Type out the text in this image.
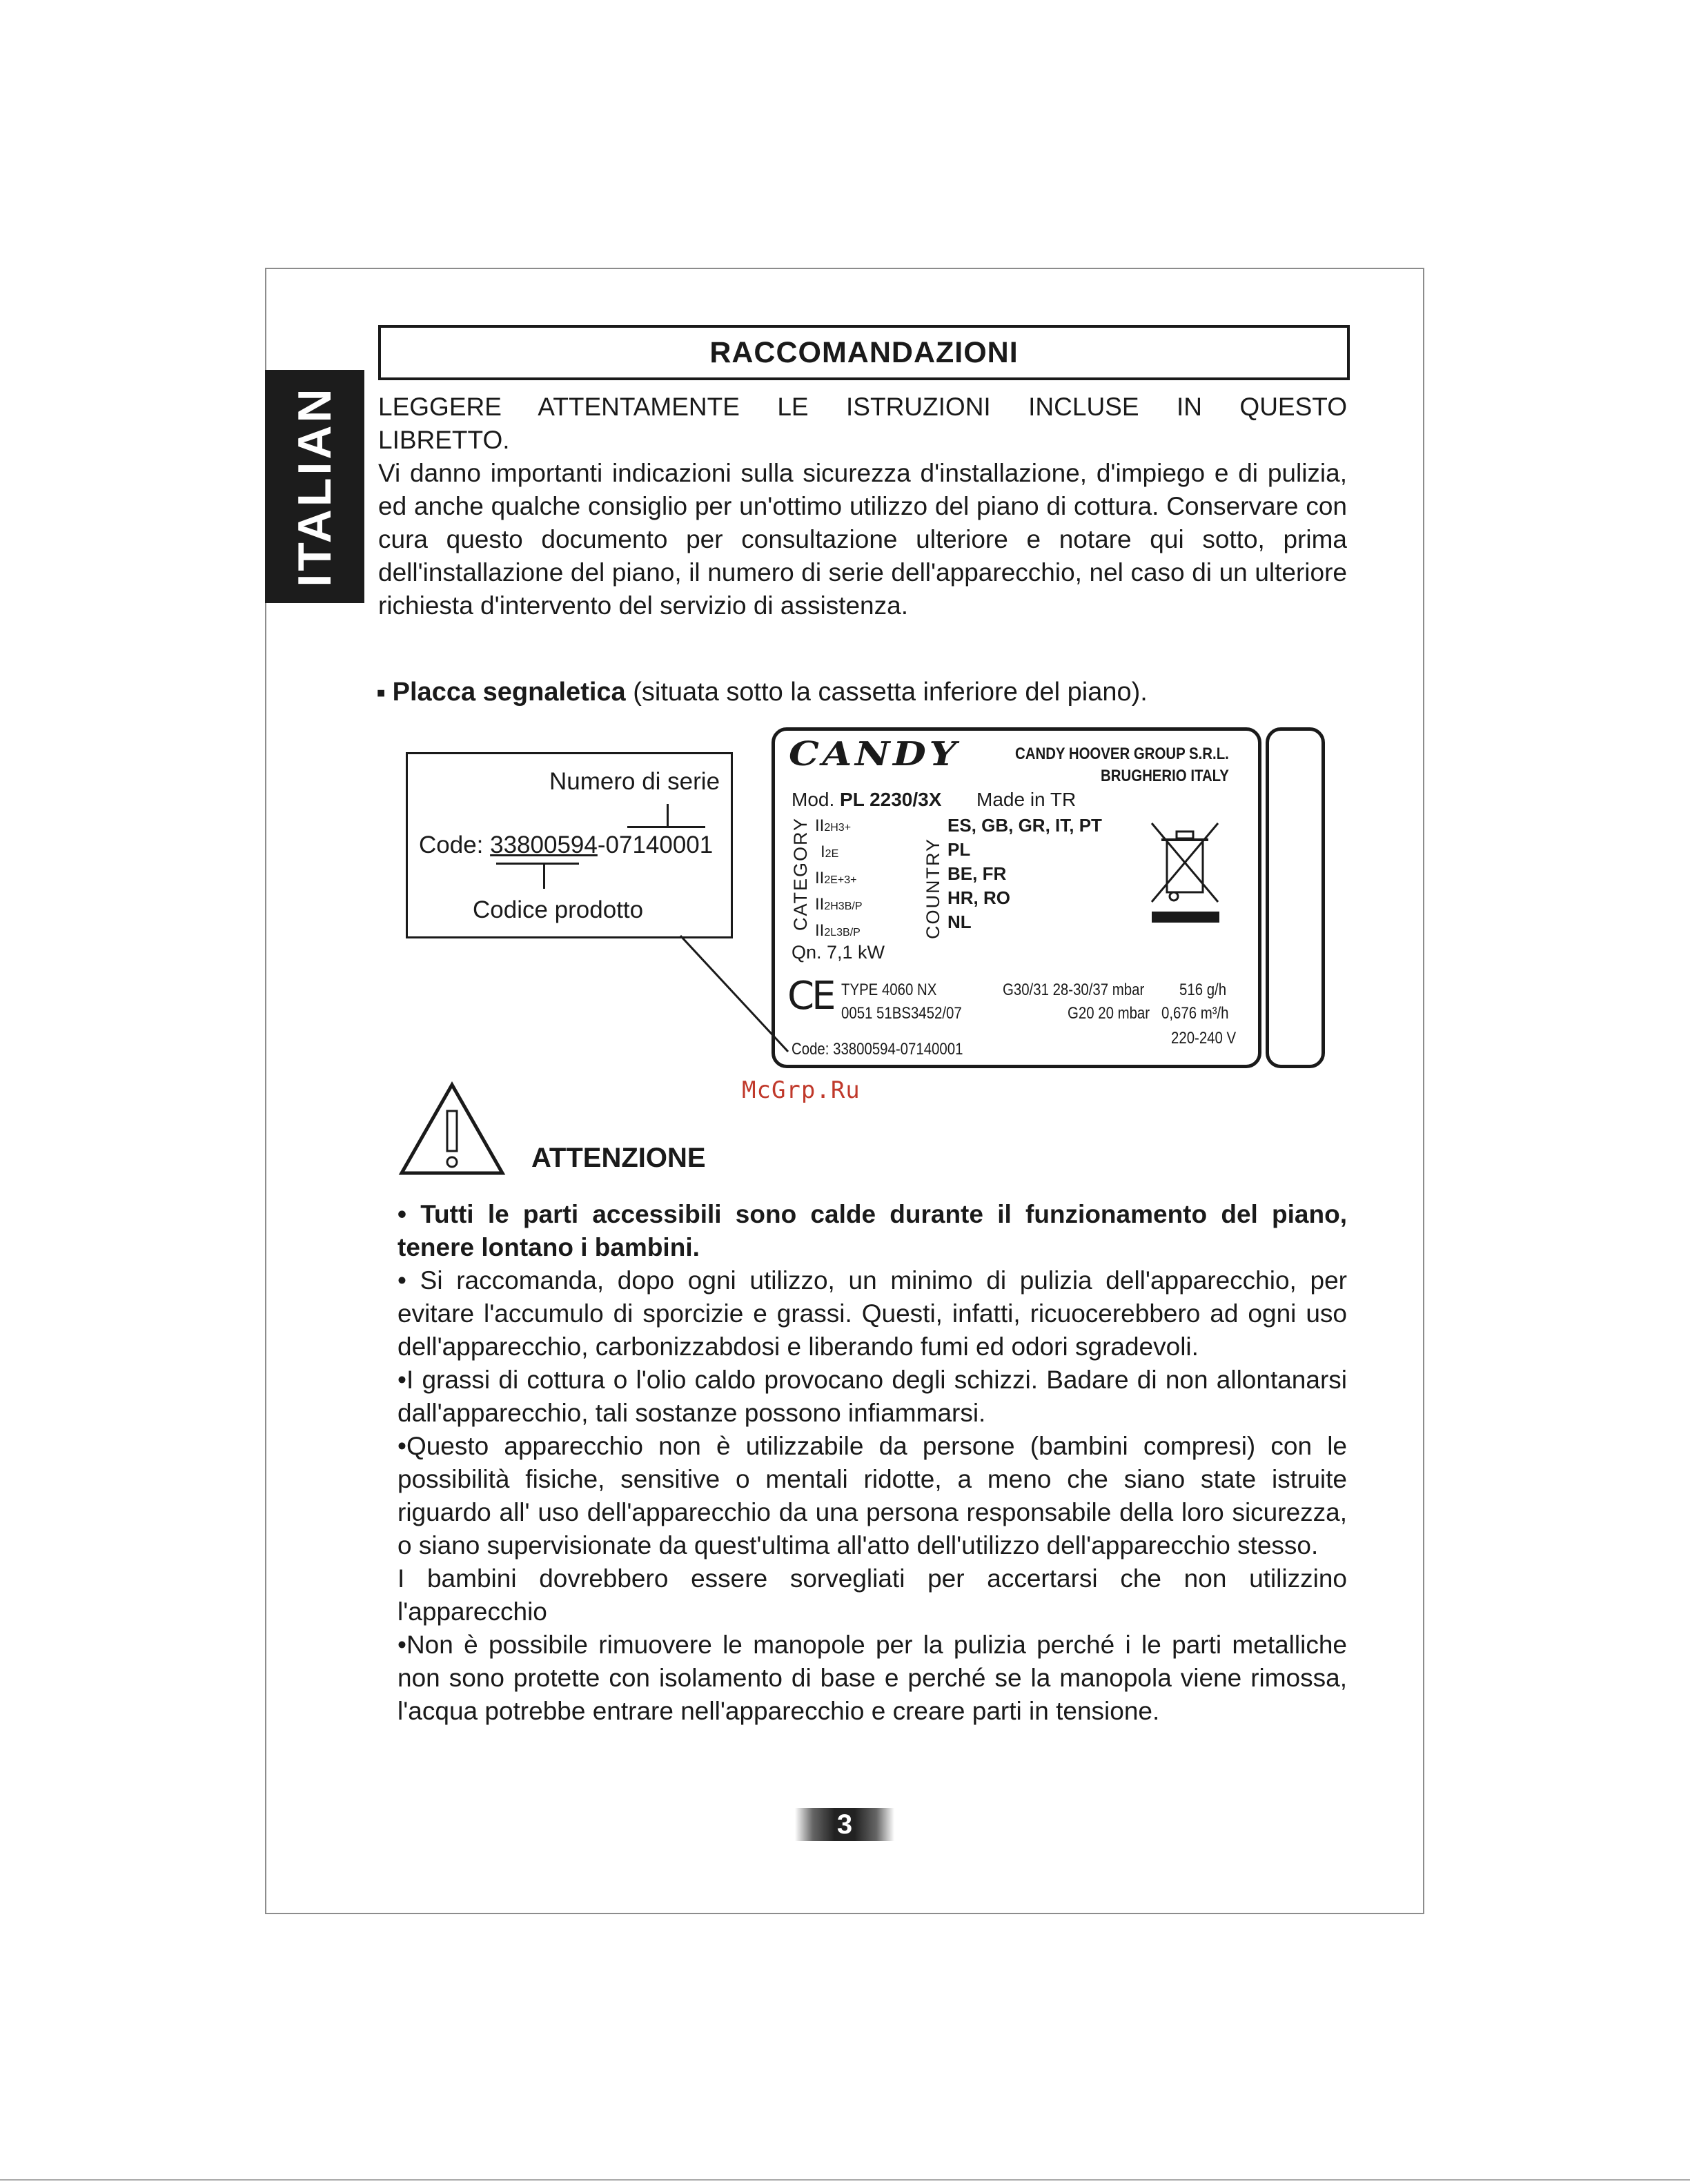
ITALIAN
RACCOMANDAZIONI

LEGGERE ATTENTAMENTE LE ISTRUZIONI INCLUSE IN QUESTO

LIBRETTO.

Vi danno importanti indicazioni sulla sicurezza d'installazione, d'impiego e di pulizia, ed anche qualche consiglio per un'ottimo utilizzo del piano di cottura. Conservare con cura questo documento per consultazione ulteriore e notare qui sotto, prima dell'installazione del piano, il numero di serie dell'apparecchio, nel caso di un ulteriore richiesta d'intervento del servizio di assistenza.

■ Placca segnaletica (situata sotto la cassetta inferiore del piano).
Numero di serie
Code: 33800594-07140001
Codice prodotto
CANDY	CANDY HOOVER GROUP S.R.L.
BRUGHERIO ITALY
Mod. PL 2230/3X Made in TR
CATEGORY II2H3+
I2E
II2E+3+
II2H3B/P
II2L3B/P	COUNTRY
ES, GB, GR, IT, PT
PL
BE, FR
HR, RO
NL
Qn. 7,1 kW
CE TYPE 4060 NX
0051 51BS3452/07
G30/31 28-30/37 mbar 516 g/h
G20 20 mbar 0,676 m³/h
220-240 V
Code: 33800594-07140001
McGrp.Ru
ATTENZIONE

• Tutti le parti accessibili sono calde durante il funzionamento del piano, tenere lontano i bambini.

• Si raccomanda, dopo ogni utilizzo, un minimo di pulizia dell'apparecchio, per evitare l'accumulo di sporcizie e grassi. Questi, infatti, ricuocerebbero ad ogni uso dell'apparecchio, carbonizzabdosi e liberando fumi ed odori sgradevoli.

•I grassi di cottura o l'olio caldo provocano degli schizzi. Badare di non allontanarsi dall'apparecchio, tali sostanze possono infiammarsi.

•Questo apparecchio non è utilizzabile da persone (bambini compresi) con le possibilità fisiche, sensitive o mentali ridotte, a meno che siano state istruite riguardo all' uso dell'apparecchio da una persona responsabile della loro sicurezza, o siano supervisionate da quest'ultima all'atto dell'utilizzo dell'apparecchio stesso.

I bambini dovrebbero essere sorvegliati per accertarsi che non utilizzino l'apparecchio

•Non è possibile rimuovere le manopole per la pulizia perché i le parti metalliche non sono protette con isolamento di base e perché se la manopola viene rimossa, l'acqua potrebbe entrare nell'apparecchio e creare parti in tensione.

3
